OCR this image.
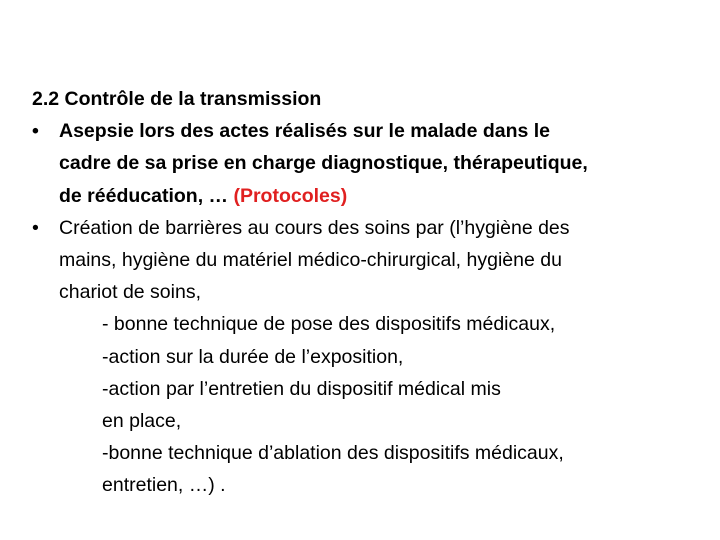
2.2 Contrôle de la transmission

• Asepsie lors des actes réalisés sur le malade dans le
cadre de sa prise en charge diagnostique, thérapeutique,
de rééducation, … (Protocoles)
• Création de barrières au cours des soins par (l’hygiène des
mains, hygiène du matériel médico-chirurgical, hygiène du
chariot de soins,
- bonne technique de pose des dispositifs médicaux,
-action sur la durée de l’exposition,
-action par l’entretien du dispositif médical mis
en place,
-bonne technique d’ablation des dispositifs médicaux,
entretien, …) .
